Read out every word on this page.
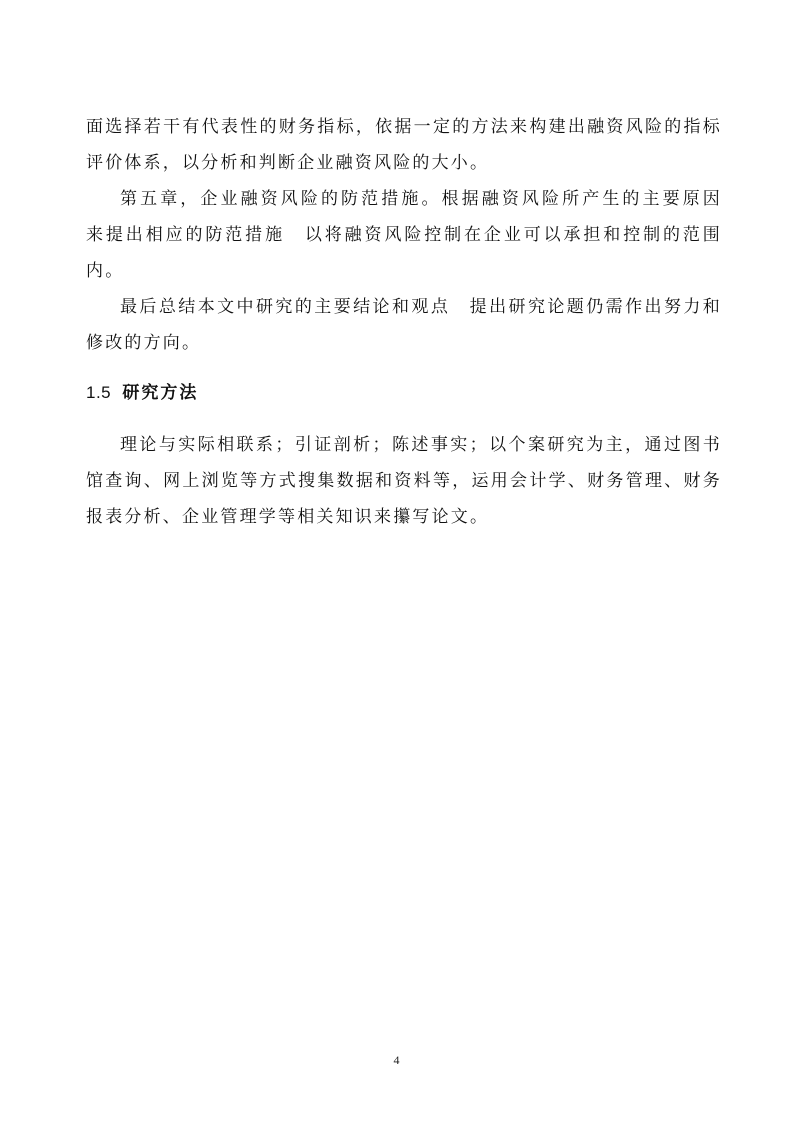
面选择若干有代表性的财务指标，依据一定的方法来构建出融资风险的指标评价体系，以分析和判断企业融资风险的大小。

第五章，企业融资风险的防范措施。根据融资风险所产生的主要原因　来提出相应的防范措施　以将融资风险控制在企业可以承担和控制的范围内。

最后总结本文中研究的主要结论和观点　提出研究论题仍需作出努力和修改的方向。

1.5 研究方法

理论与实际相联系；引证剖析；陈述事实；以个案研究为主，通过图书馆查询、网上浏览等方式搜集数据和资料等，运用会计学、财务管理、财务报表分析、企业管理学等相关知识来攥写论文。

4
